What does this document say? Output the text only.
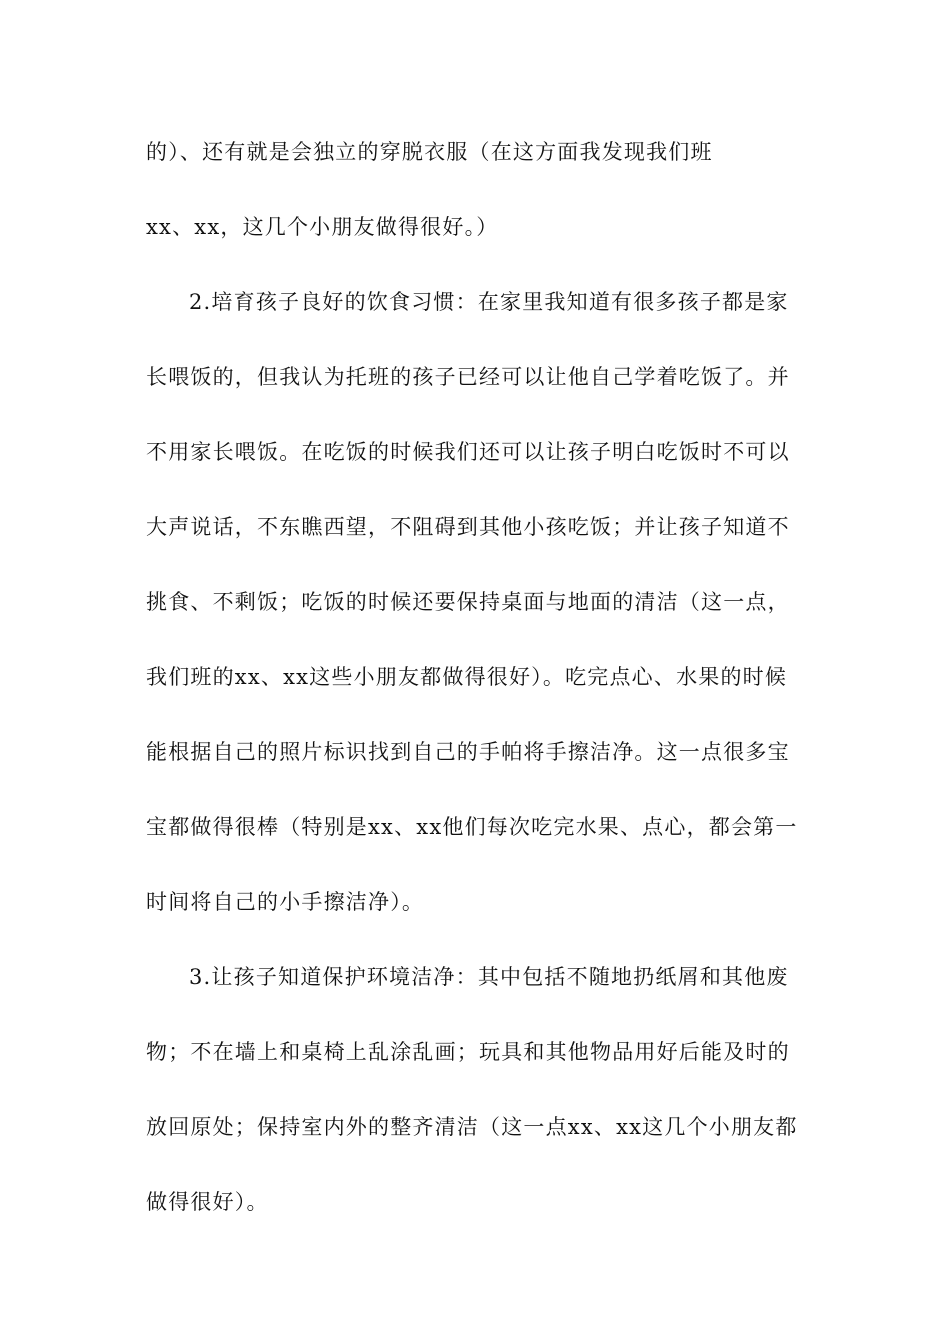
的）、还有就是会独立的穿脱衣服（在这方面我发现我们班
xx、xx，这几个小朋友做得很好。）
2.培育孩子良好的饮食习惯：在家里我知道有很多孩子都是家
长喂饭的，但我认为托班的孩子已经可以让他自己学着吃饭了。并
不用家长喂饭。在吃饭的时候我们还可以让孩子明白吃饭时不可以
大声说话，不东瞧西望，不阻碍到其他小孩吃饭；并让孩子知道不
挑食、不剩饭；吃饭的时候还要保持桌面与地面的清洁（这一点，
我们班的xx、xx这些小朋友都做得很好）。吃完点心、水果的时候
能根据自己的照片标识找到自己的手帕将手擦洁净。这一点很多宝
宝都做得很棒（特别是xx、xx他们每次吃完水果、点心，都会第一
时间将自己的小手擦洁净）。
3.让孩子知道保护环境洁净：其中包括不随地扔纸屑和其他废
物；不在墙上和桌椅上乱涂乱画；玩具和其他物品用好后能及时的
放回原处；保持室内外的整齐清洁（这一点xx、xx这几个小朋友都
做得很好）。
